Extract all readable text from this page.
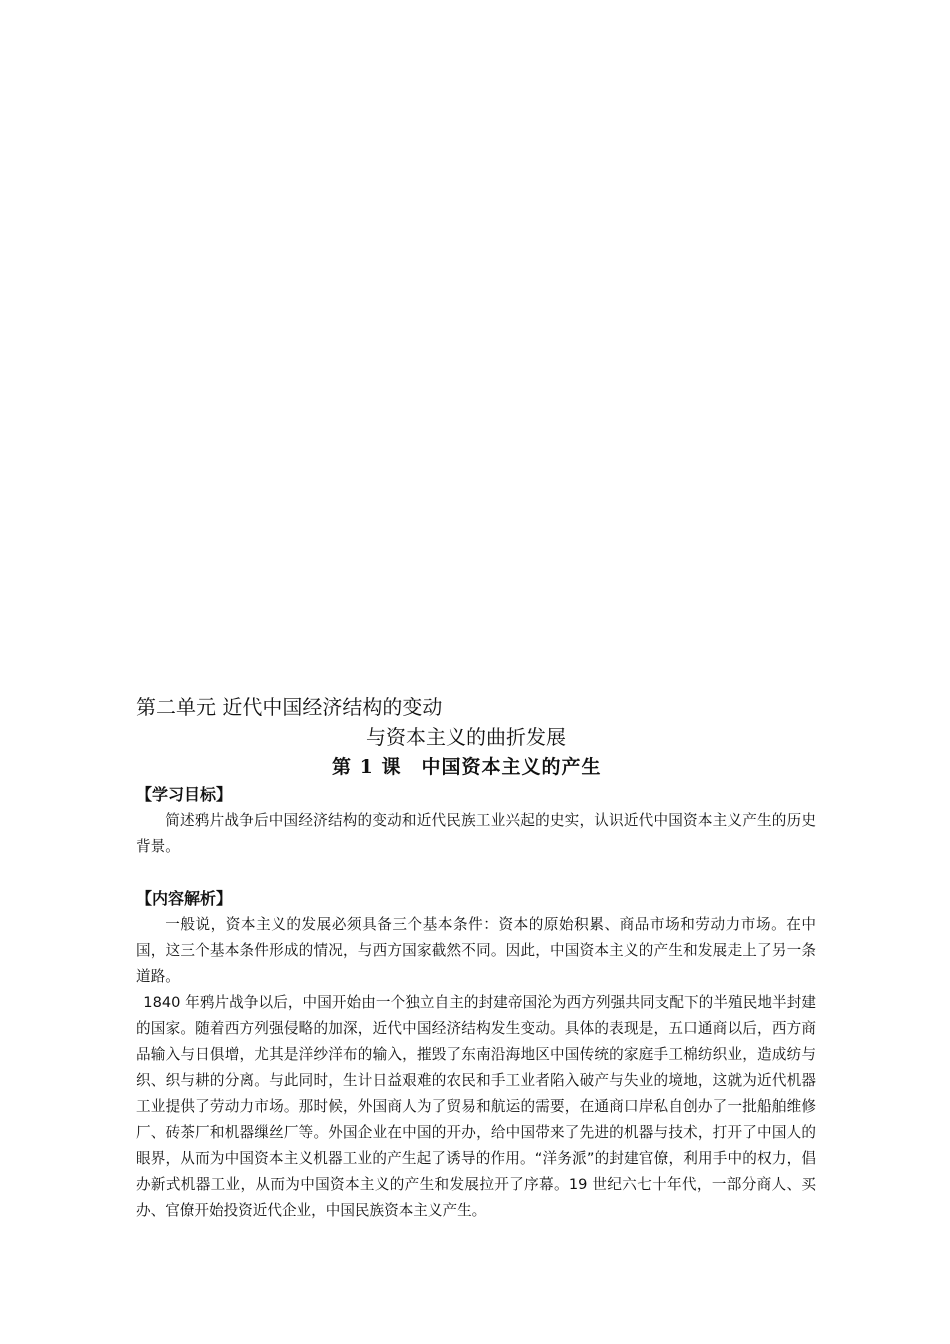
第二单元 近代中国经济结构的变动
与资本主义的曲折发展
第 1 课　中国资本主义的产生
【学习目标】

简述鸦片战争后中国经济结构的变动和近代民族工业兴起的史实，认识近代中国资本主义产生的历史背景。

【内容解析】

一般说，资本主义的发展必须具备三个基本条件：资本的原始积累、商品市场和劳动力市场。在中国，这三个基本条件形成的情况，与西方国家截然不同。因此，中国资本主义的产生和发展走上了另一条道路。

1840 年鸦片战争以后，中国开始由一个独立自主的封建帝国沦为西方列强共同支配下的半殖民地半封建的国家。随着西方列强侵略的加深，近代中国经济结构发生变动。具体的表现是，五口通商以后，西方商品输入与日俱增，尤其是洋纱洋布的输入，摧毁了东南沿海地区中国传统的家庭手工棉纺织业，造成纺与织、织与耕的分离。与此同时，生计日益艰难的农民和手工业者陷入破产与失业的境地，这就为近代机器工业提供了劳动力市场。那时候，外国商人为了贸易和航运的需要，在通商口岸私自创办了一批船舶维修厂、砖茶厂和机器缫丝厂等。外国企业在中国的开办，给中国带来了先进的机器与技术，打开了中国人的眼界，从而为中国资本主义机器工业的产生起了诱导的作用。“洋务派”的封建官僚，利用手中的权力，倡办新式机器工业，从而为中国资本主义的产生和发展拉开了序幕。19 世纪六七十年代，一部分商人、买办、官僚开始投资近代企业，中国民族资本主义产生。
